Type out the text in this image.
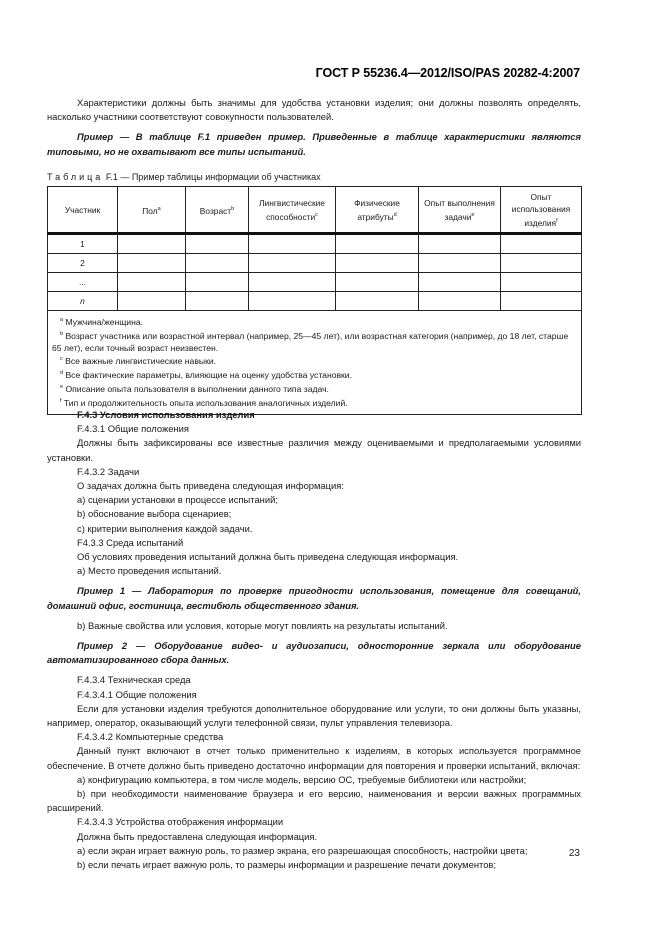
ГОСТ Р 55236.4—2012/ISO/PAS 20282-4:2007

Характеристики должны быть значимы для удобства установки изделия; они должны позволять определять, насколько участники соответствуют совокупности пользователей.

Пример — В таблице F.1 приведен пример. Приведенные в таблице характеристики являются типовыми, но не охватывают все типы испытаний.

Таблица F.1 — Пример таблицы информации об участниках
Участник	Пол$^a$	Возраст$^b$	Лингвистические способности$^c$	Физические атрибуты$^d$	Опыт выполнения задачи$^e$	Опыт использования изделия$^f$
1						
2						
...						
n						

$^a$ Мужчина/женщина.

$^b$ Возраст участника или возрастной интервал (например, 25—45 лет), или возрастная категория (например, до 18 лет, старше 65 лет), если точный возраст неизвестен.

$^c$ Все важные лингвистические навыки.

$^d$ Все фактические параметры, влияющие на оценку удобства установки.

$^e$ Описание опыта пользователя в выполнении данного типа задач.

$^f$ Тип и продолжительность опыта использования аналогичных изделий.

F.4.3 Условия использования изделия

F.4.3.1 Общие положения

Должны быть зафиксированы все известные различия между оцениваемыми и предполагаемыми условиями установки.

F.4.3.2 Задачи

О задачах должна быть приведена следующая информация:

a) сценарии установки в процессе испытаний;

b) обоснование выбора сценариев;

c) критерии выполнения каждой задачи.

F4.3.3 Среда испытаний

Об условиях проведения испытаний должна быть приведена следующая информация.

a) Место проведения испытаний.

Пример 1 — Лаборатория по проверке пригодности использования, помещение для совещаний, домашний офис, гостиница, вестибюль общественного здания.

b) Важные свойства или условия, которые могут повлиять на результаты испытаний.

Пример 2 — Оборудование видео- и аудиозаписи, односторонние зеркала или оборудование автоматизированного сбора данных.

F.4.3.4 Техническая среда

F.4.3.4.1 Общие положения

Если для установки изделия требуются дополнительное оборудование или услуги, то они должны быть указаны, например, оператор, оказывающий услуги телефонной связи, пульт управления телевизора.

F.4.3.4.2 Компьютерные средства

Данный пункт включают в отчет только применительно к изделиям, в которых используется программное обеспечение. В отчете должно быть приведено достаточно информации для повторения и проверки испытаний, включая:

a) конфигурацию компьютера, в том числе модель, версию ОС, требуемые библиотеки или настройки;

b) при необходимости наименование браузера и его версию, наименования и версии важных программных расширений.

F.4.3.4.3 Устройства отображения информации

Должна быть предоставлена следующая информация.

a) если экран играет важную роль, то размер экрана, его разрешающая способность, настройки цвета;

b) если печать играет важную роль, то размеры информации и разрешение печати документов;

23
